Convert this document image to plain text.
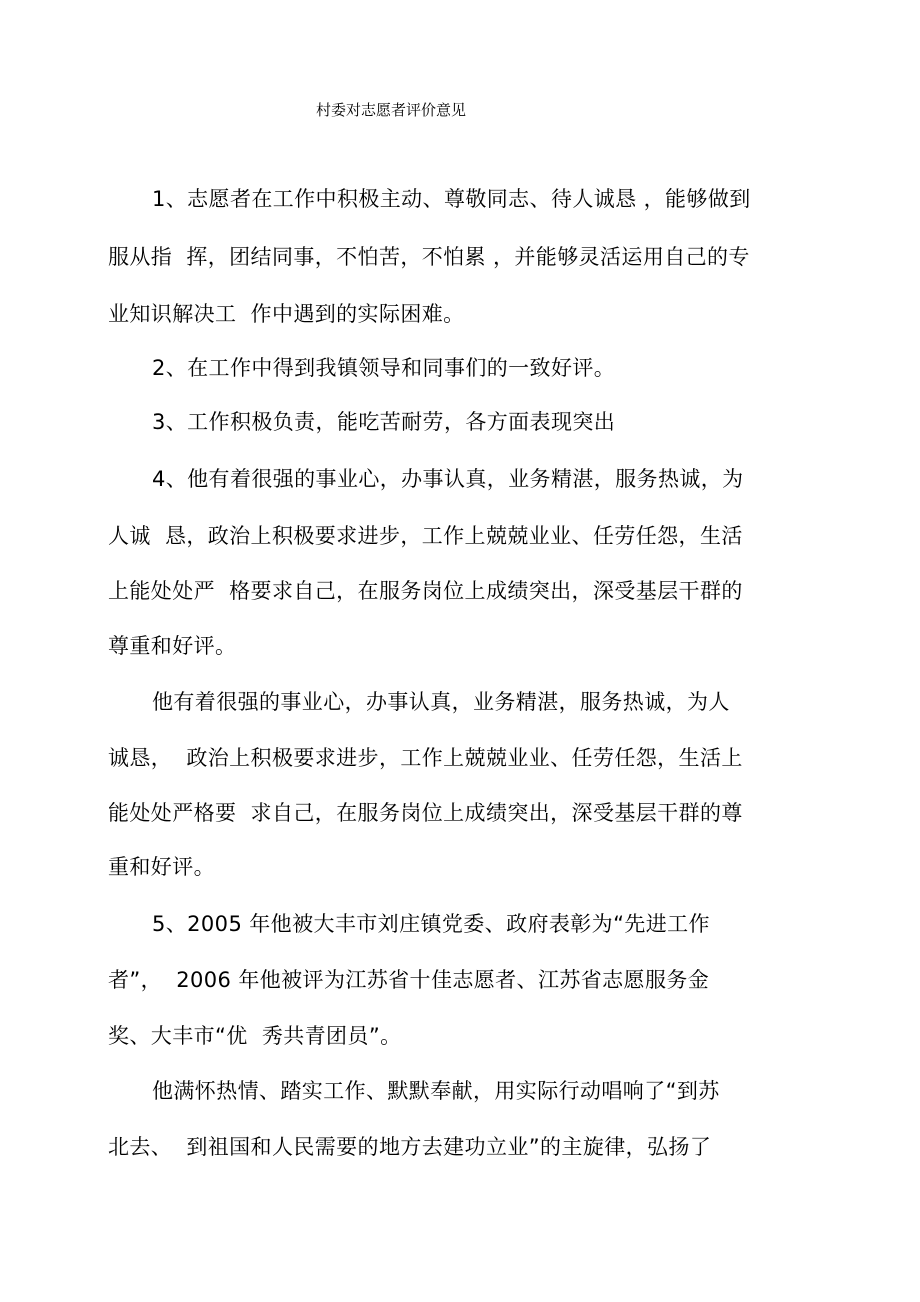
村委对志愿者评价意见
1、志愿者在工作中积极主动、尊敬同志、待人诚恳 ，能够做到
服从指  挥，团结同事，不怕苦，不怕累 ，并能够灵活运用自己的专
业知识解决工  作中遇到的实际困难。
2、在工作中得到我镇领导和同事们的一致好评。
3、工作积极负责，能吃苦耐劳，各方面表现突出
4、他有着很强的事业心，办事认真，业务精湛，服务热诚，为
人诚  恳，政治上积极要求进步，工作上兢兢业业、任劳任怨，生活
上能处处严  格要求自己，在服务岗位上成绩突出，深受基层干群的
尊重和好评。
他有着很强的事业心，办事认真，业务精湛，服务热诚，为人
诚恳，  政治上积极要求进步，工作上兢兢业业、任劳任怨，生活上
能处处严格要  求自己，在服务岗位上成绩突出，深受基层干群的尊
重和好评。
5、2005 年他被大丰市刘庄镇党委、政府表彰为“先进工作
者”，  2006 年他被评为江苏省十佳志愿者、江苏省志愿服务金
奖、大丰市“优  秀共青团员”。
他满怀热情、踏实工作、默默奉献，用实际行动唱响了“到苏
北去、  到祖国和人民需要的地方去建功立业”的主旋律，弘扬了
